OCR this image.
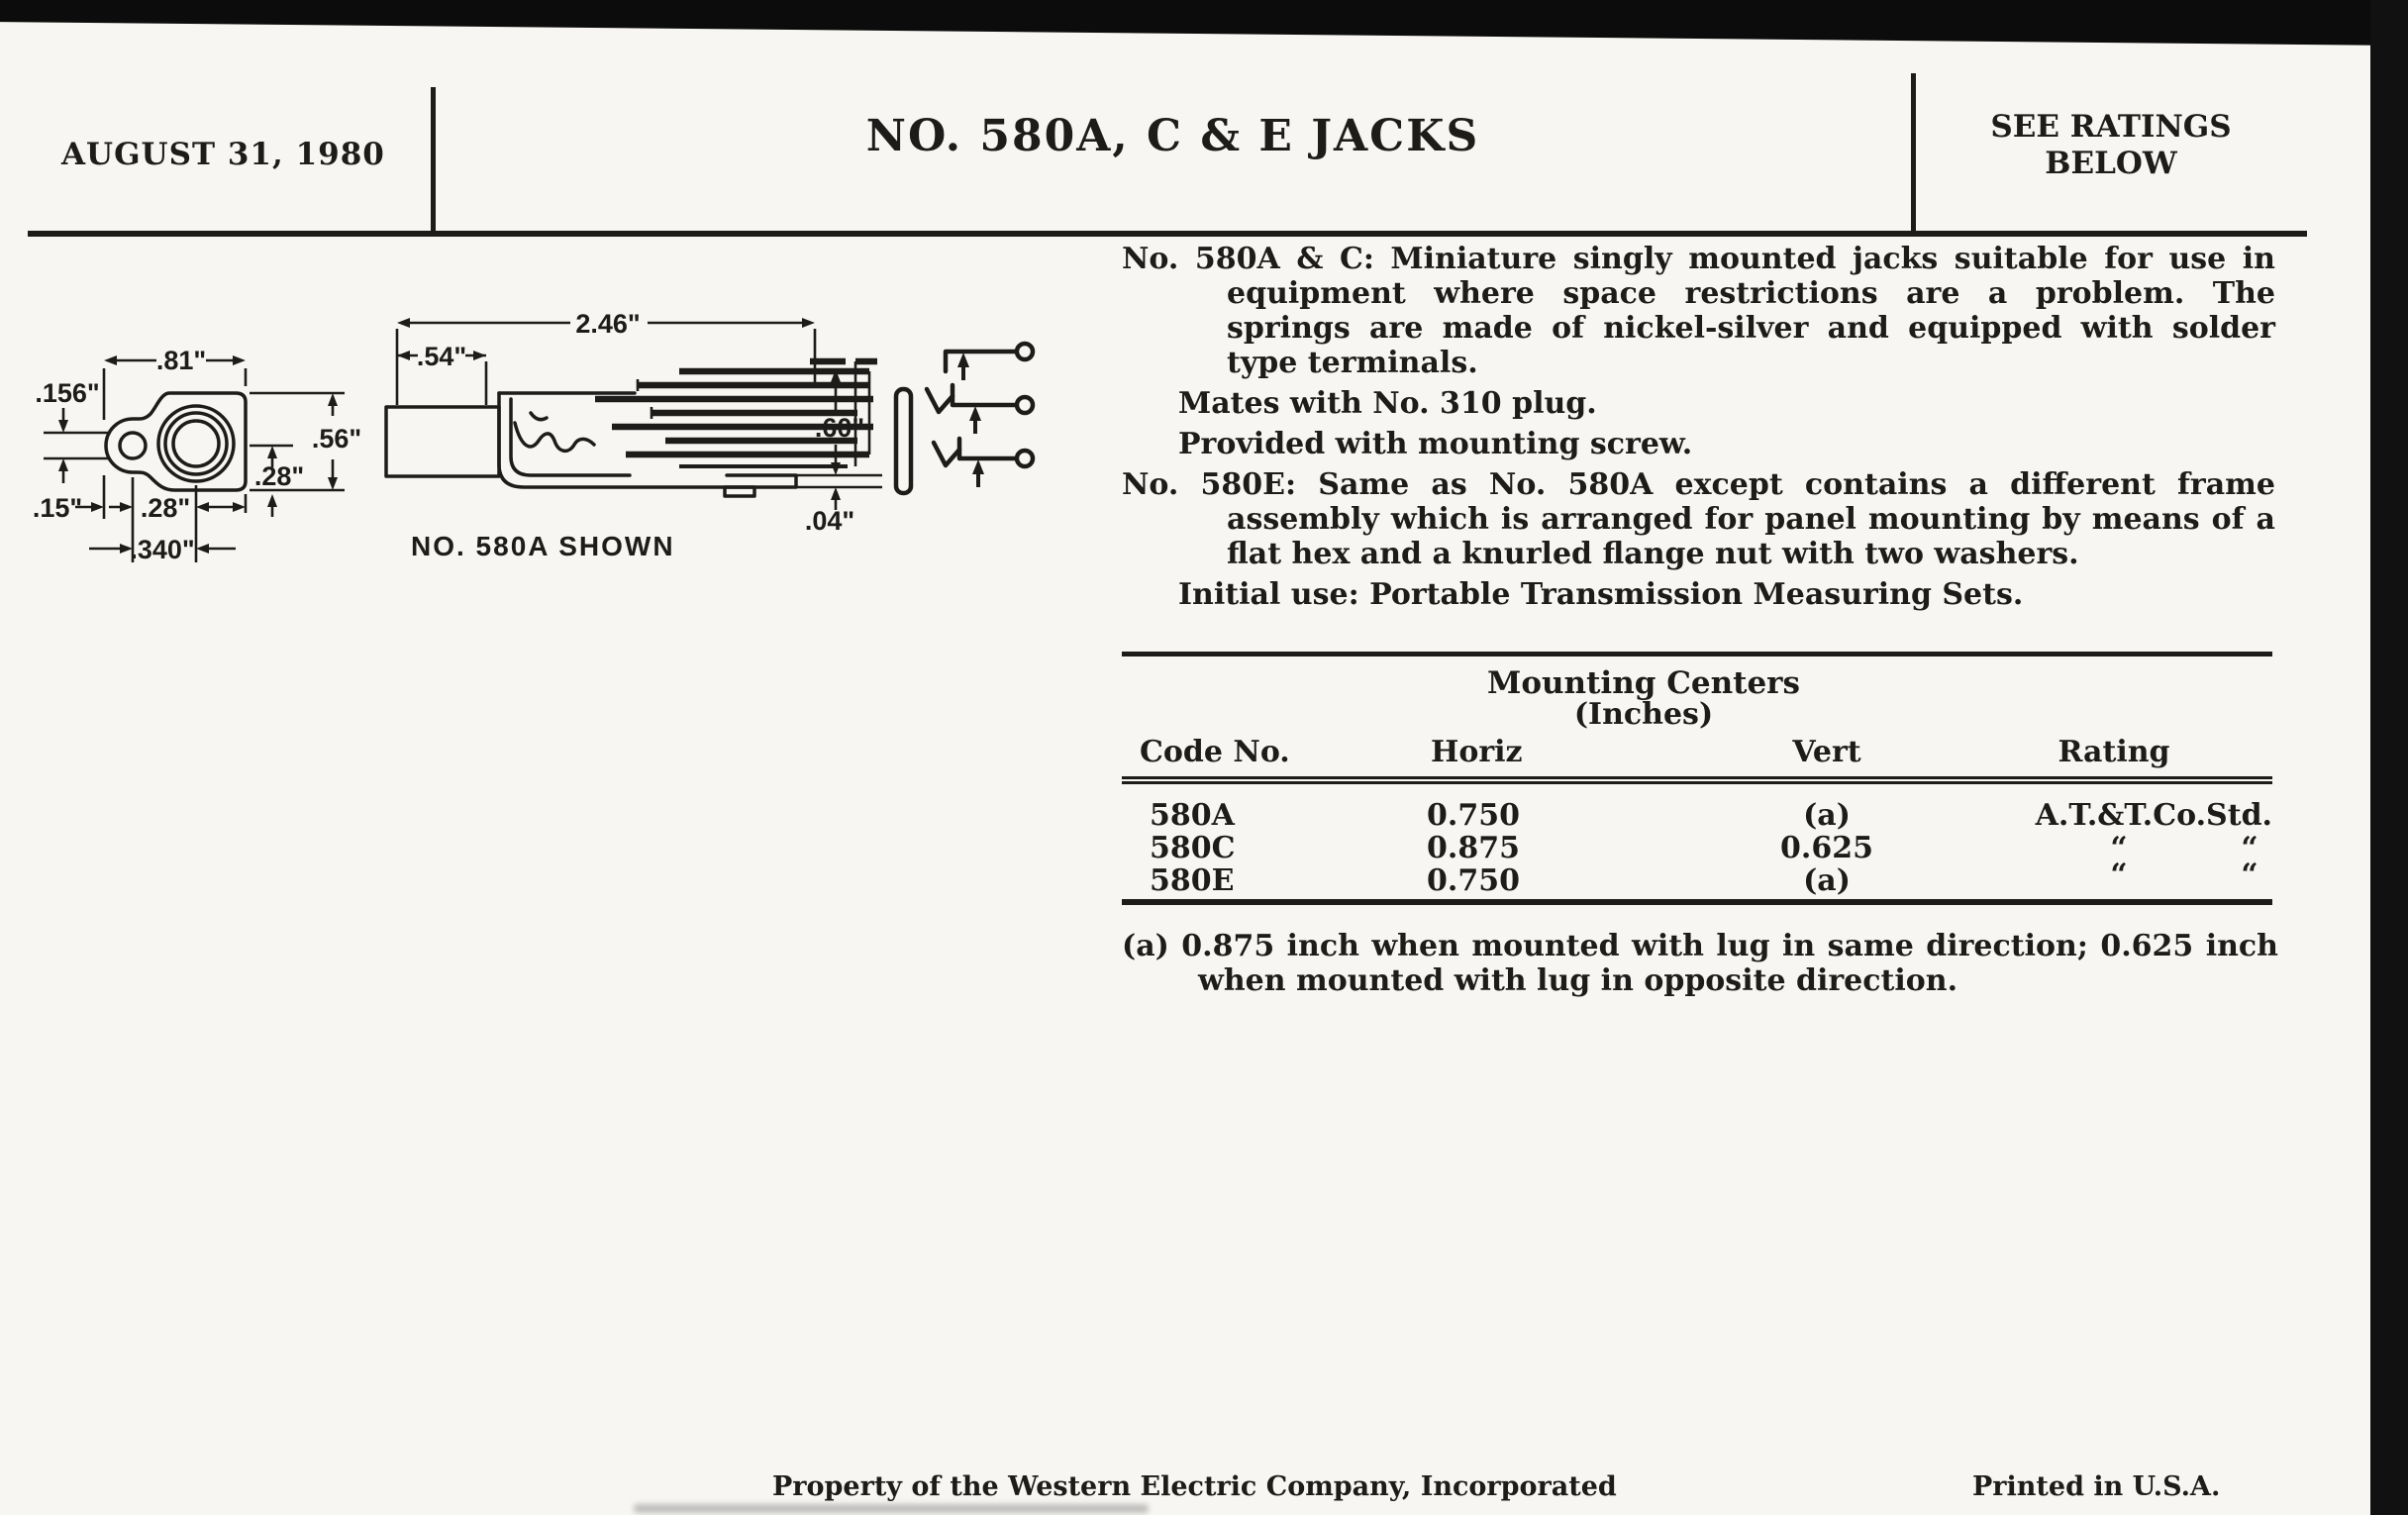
AUGUST 31, 1980	NO. 580A, C & E JACKS	SEE RATINGS
BELOW
.81"
.156"
.56"
.28"
.15" .28"
.340"
2.46"
.54"
.60"
.04"
NO. 580A SHOWN

No. 580A & C: Miniature singly mounted jacks suitable for use in equipment where space restrictions are a problem. The springs are made of nickel-silver and equipped with solder type terminals.

Mates with No. 310 plug.

Provided with mounting screw.

No. 580E: Same as No. 580A except contains a different frame assembly which is arranged for panel mounting by means of a flat hex and a knurled flange nut with two washers.

Initial use: Portable Transmission Measuring Sets.

Mounting Centers
(Inches)
Code No.	Horiz	Vert	Rating
580A	0.750	(a)	A.T.&T.Co.Std.
580C	0.875	0.625	“	“
580E	0.750	(a)	“	“
(a) 0.875 inch when mounted with lug in same direction; 0.625 inch when mounted with lug in opposite direction.
Property of the Western Electric Company, Incorporated	Printed in U.S.A.
